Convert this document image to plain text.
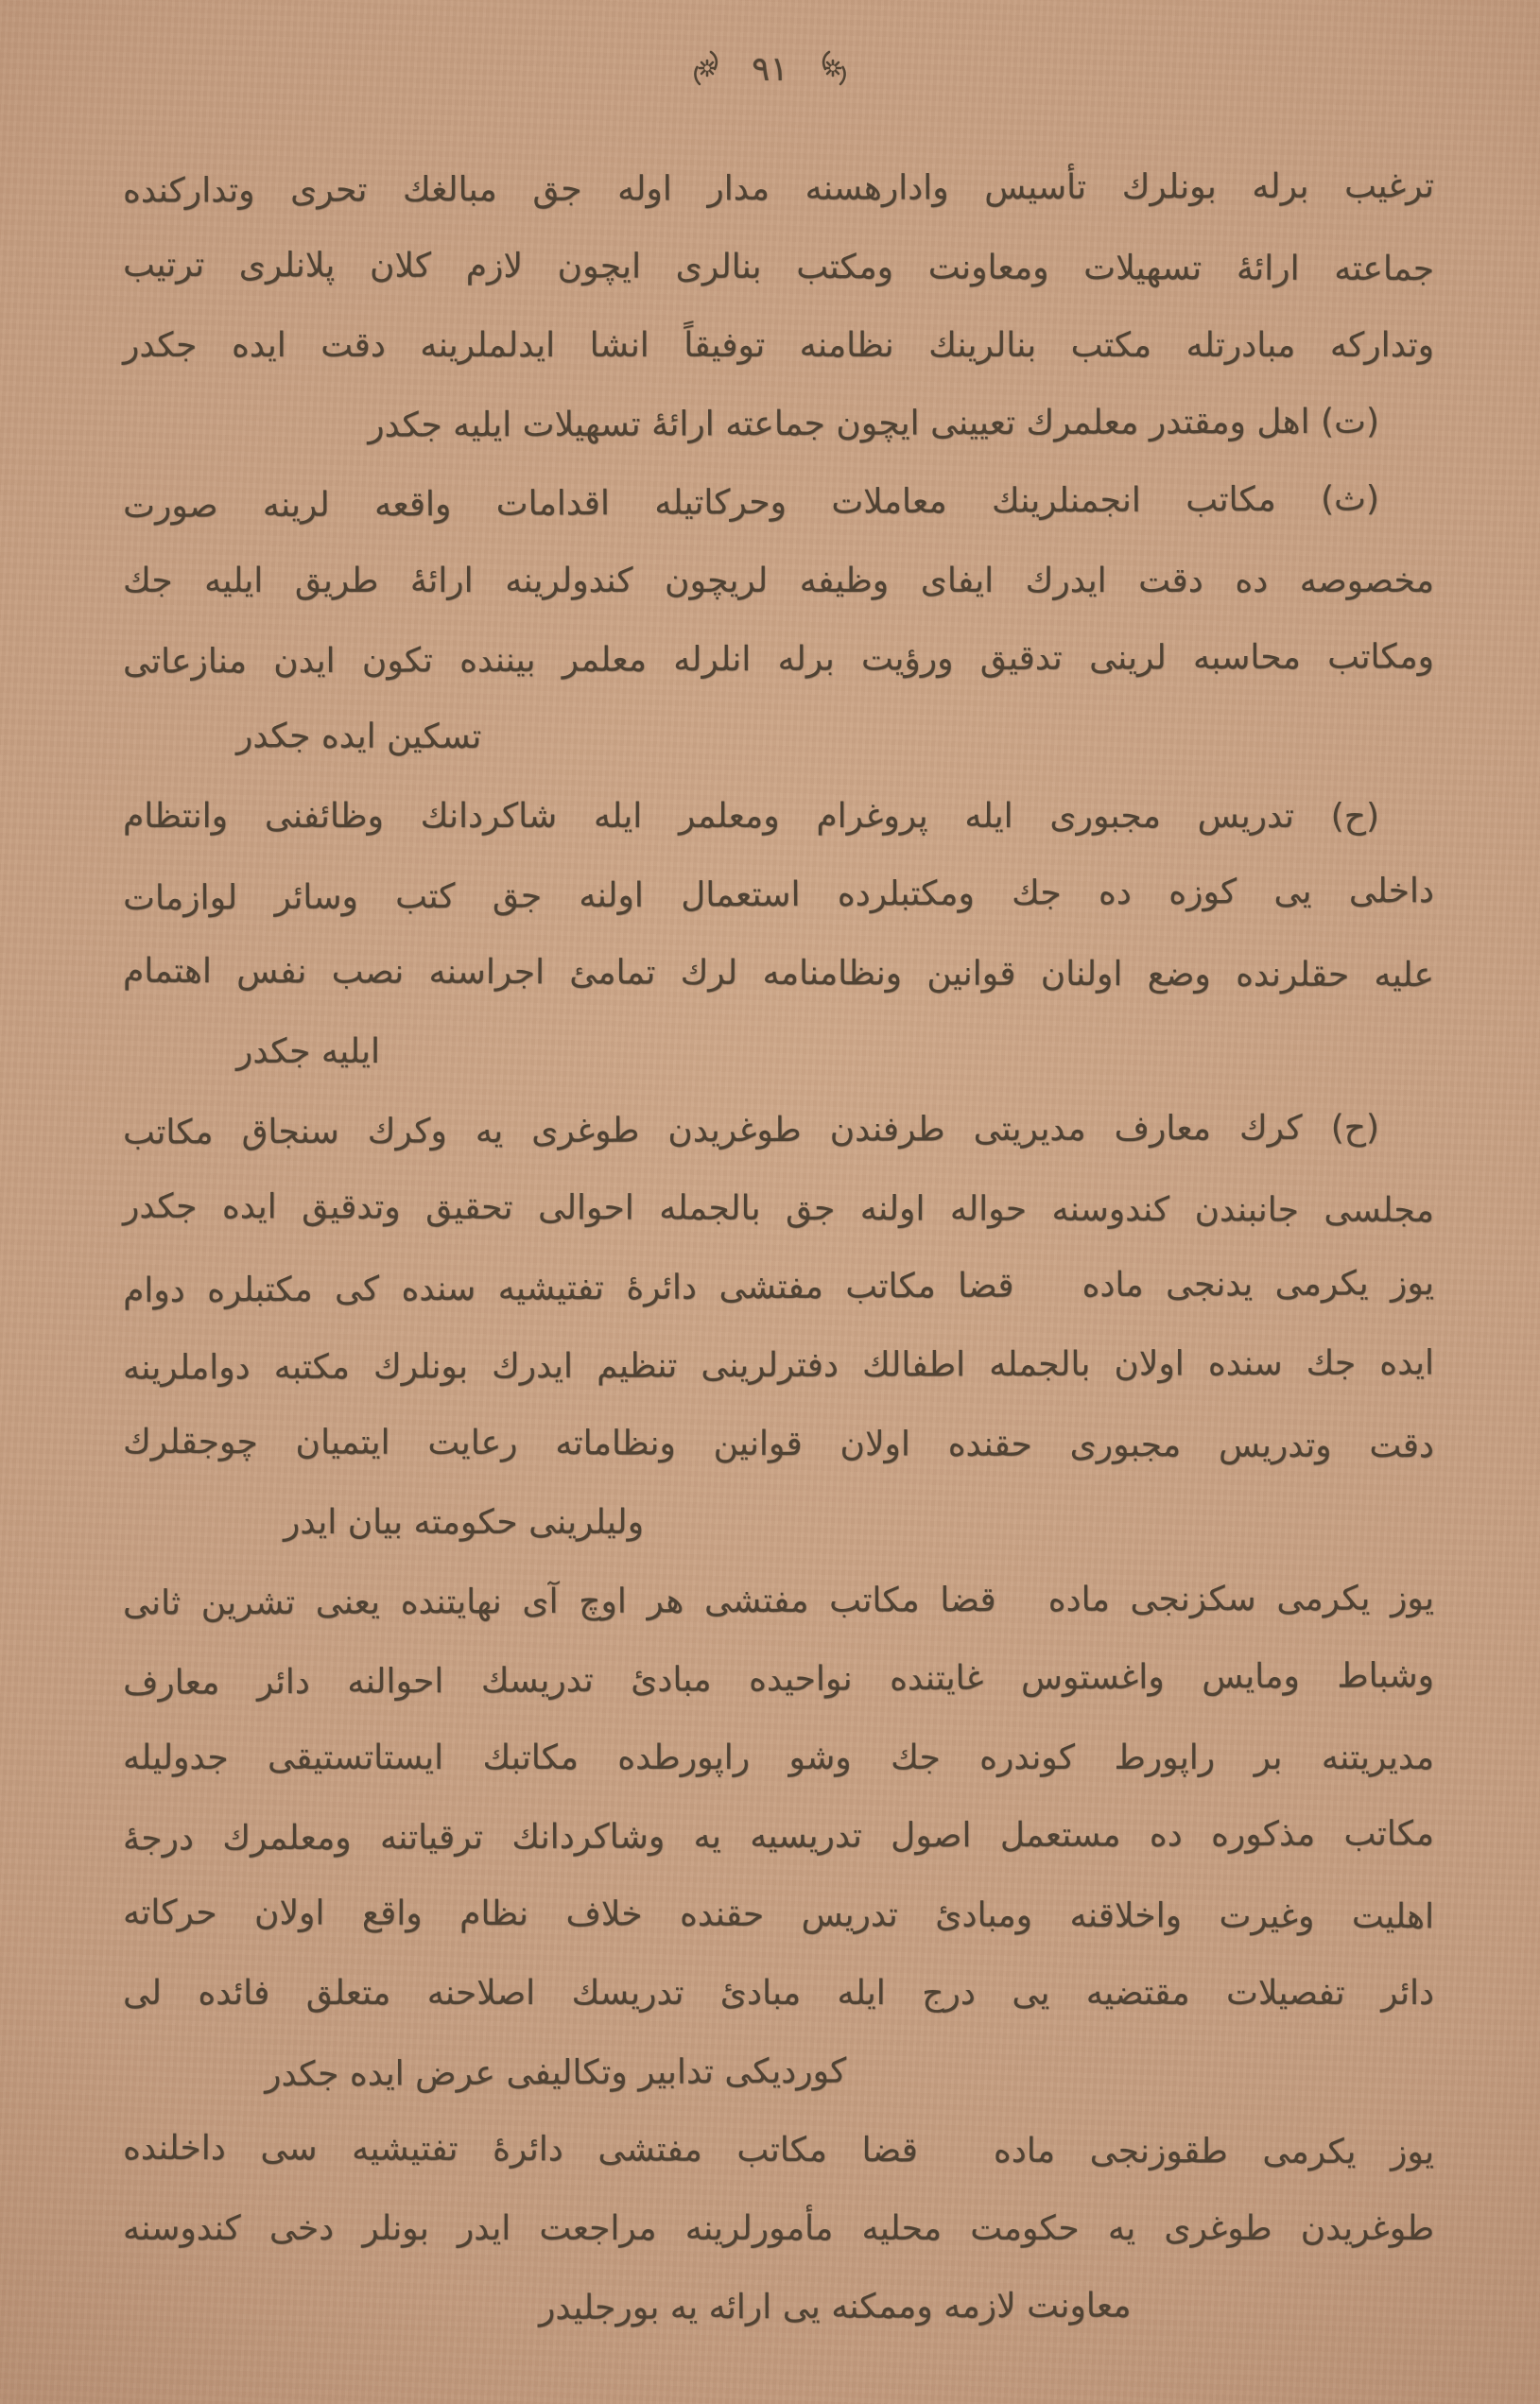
٩١
ترغيب برله بونلرك تأسيس وادارهسنه مدار اوله جق مبالغك تحرى وتداركنده
جماعته ارائهٔ تسهيلات ومعاونت ومكتب بنالرى ايچون لازم كلان پلانلرى ترتيب
وتداركه مبادرتله مكتب بنالرينك نظامنه توفيقاً انشا ايدلملرينه دقت ايده جكدر
(ت) اهل ومقتدر معلمرك تعيينى ايچون جماعته ارائهٔ تسهيلات ايليه جكدر
(ث) مكاتب انجمنلرينك معاملات وحركاتيله اقدامات واقعه لرينه صورت
مخصوصه ده دقت ايدرك ايفاى وظيفه لريچون كندولرينه ارائهٔ طريق ايليه جك
ومكاتب محاسبه لرينى تدقيق ورؤيت برله انلرله معلمر بيننده تكون ايدن منازعاتى
تسكين ايده جكدر
(ح) تدريس مجبورى ايله پروغرام ومعلمر ايله شاكردانك وظائفنى وانتظام
داخلى يى كوزه ده جك ومكتبلرده استعمال اولنه جق كتب وسائر لوازمات
عليه حقلرنده وضع اولنان قوانين ونظامنامه لرك تمامئ اجراسنه نصب نفس اهتمام
ايليه جكدر
(ح) كرك معارف مديريتى طرفندن طوغريدن طوغرى يه وكرك سنجاق مكاتب
مجلسى جانبندن كندوسنه حواله اولنه جق بالجمله احوالى تحقيق وتدقيق ايده جكدر
يوز يكرمى يدنجى مادهقضا مكاتب مفتشى دائرهٔ تفتيشيه سنده كى مكتبلره دوام
ايده جك سنده اولان بالجمله اطفالك دفترلرينى تنظيم ايدرك بونلرك مكتبه دواملرينه
دقت وتدريس مجبورى حقنده اولان قوانين ونظاماته رعايت ايتميان چوجقلرك
وليلرينى حكومته بيان ايدر
يوز يكرمى سكزنجى مادهقضا مكاتب مفتشى هر اوچ آى نهايتنده يعنى تشرين ثانى
وشباط ومايس واغستوس غايتنده نواحيده مبادئ تدريسك احوالنه دائر معارف
مديريتنه بر راپورط كوندره جك وشو راپورطده مكاتبك ايستاتستيقى جدوليله
مكاتب مذكوره ده مستعمل اصول تدريسيه يه وشاكردانك ترقياتنه ومعلمرك درجهٔ
اهليت وغيرت واخلاقنه ومبادئ تدريس حقنده خلاف نظام واقع اولان حركاته
دائر تفصيلات مقتضيه يى درج ايله مبادئ تدريسك اصلاحنه متعلق فائده لى
كورديكى تدابير وتكاليفى عرض ايده جكدر
يوز يكرمى طقوزنجى مادهقضا مكاتب مفتشى دائرهٔ تفتيشيه سى داخلنده
طوغريدن طوغرى يه حكومت محليه مأمورلرينه مراجعت ايدر بونلر دخى كندوسنه
معاونت لازمه وممكنه يى ارائه يه بورجليدر
